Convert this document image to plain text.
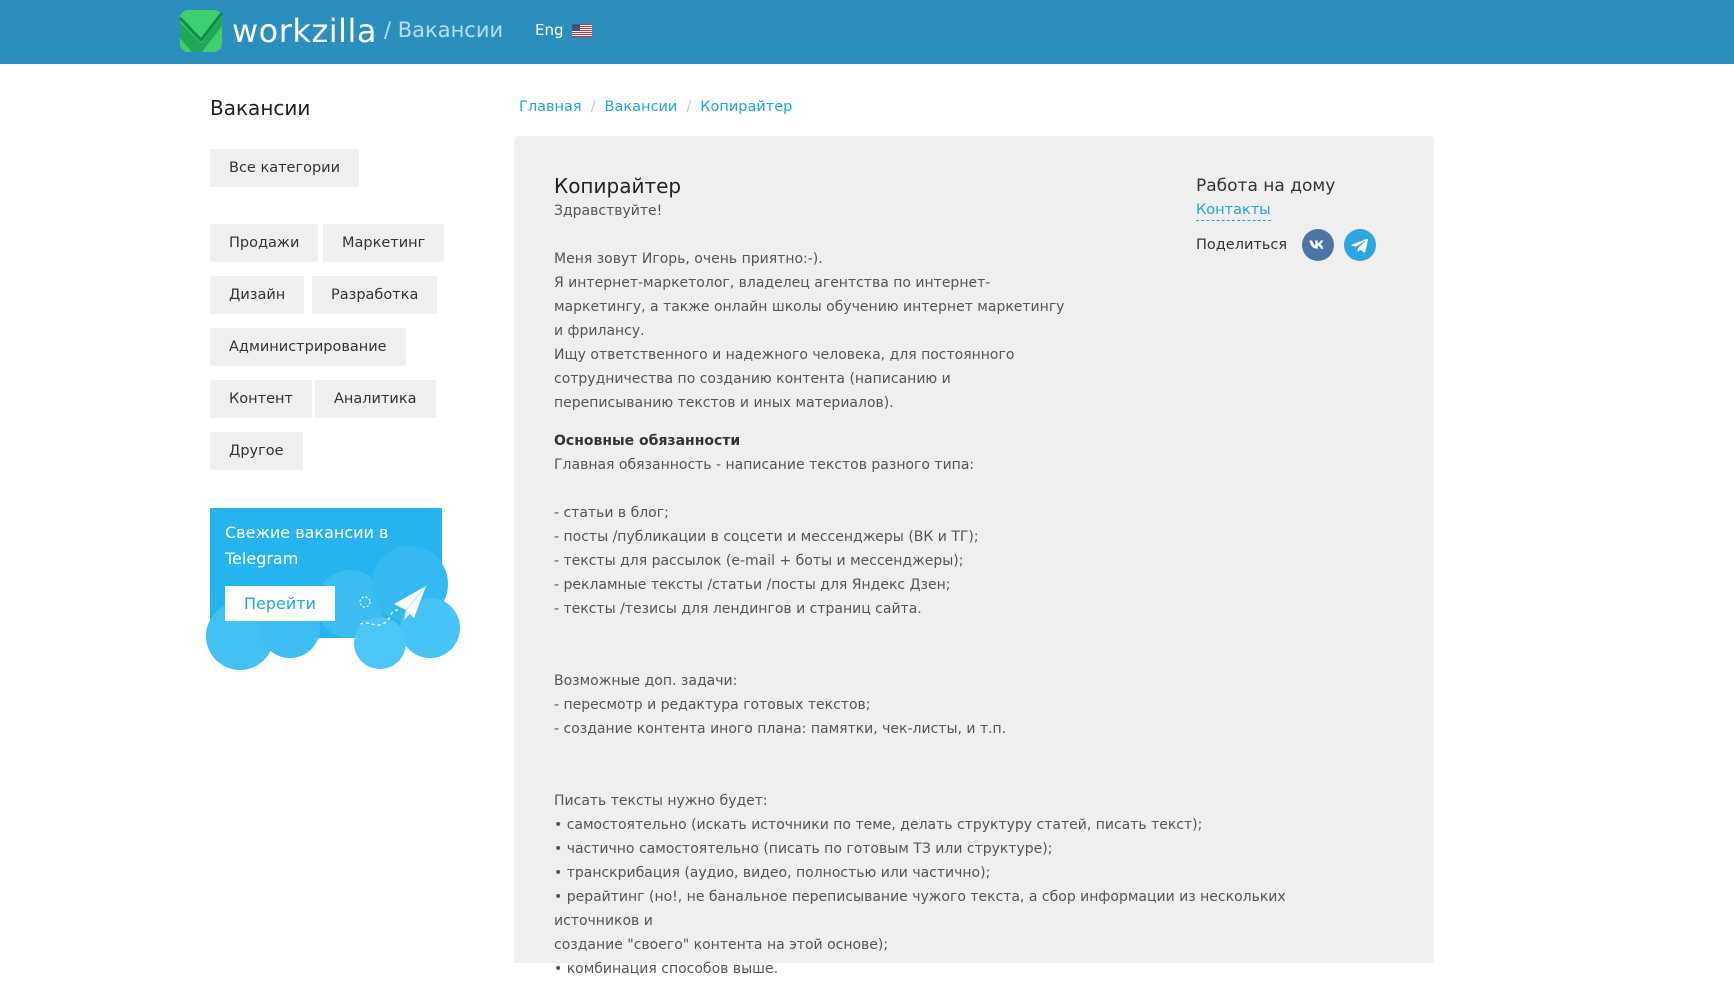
workzilla / Вакансии Eng
Вакансии
Все категории
Продажи	Маркетинг
Дизайн	Разработка
Администрирование
Контент	Аналитика
Другое
Свежие вакансии в Telegram
Перейти
Главная / Вакансии / Копирайтер
Копирайтер

Здравствуйте!

Меня зовут Игорь, очень приятно:-).
Я интернет-маркетолог, владелец агентства по интернет-
маркетингу, а также онлайн школы обучению интернет маркетингу
и фрилансу.
Ищу ответственного и надежного человека, для постоянного
сотрудничества по созданию контента (написанию и
переписыванию текстов и иных материалов).

Основные обязанности

Главная обязанность - написание текстов разного типа:

- статьи в блог;
- посты /публикации в соцсети и мессенджеры (ВК и ТГ);
- тексты для рассылок (e-mail + боты и мессенджеры);
- рекламные тексты /статьи /посты для Яндекс Дзен;
- тексты /тезисы для лендингов и страниц сайта.

Возможные доп. задачи:
- пересмотр и редактура готовых текстов;
- создание контента иного плана: памятки, чек-листы, и т.п.

Писать тексты нужно будет:
• самостоятельно (искать источники по теме, делать структуру статей, писать текст);
• частично самостоятельно (писать по готовым ТЗ или структуре);
• транскрибация (аудио, видео, полностью или частично);
• рерайтинг (но!, не банальное переписывание чужого текста, а сбор информации из нескольких источников и
создание "своего" контента на этой основе);
• комбинация способов выше.

Работа на дому
Контакты
Поделиться
